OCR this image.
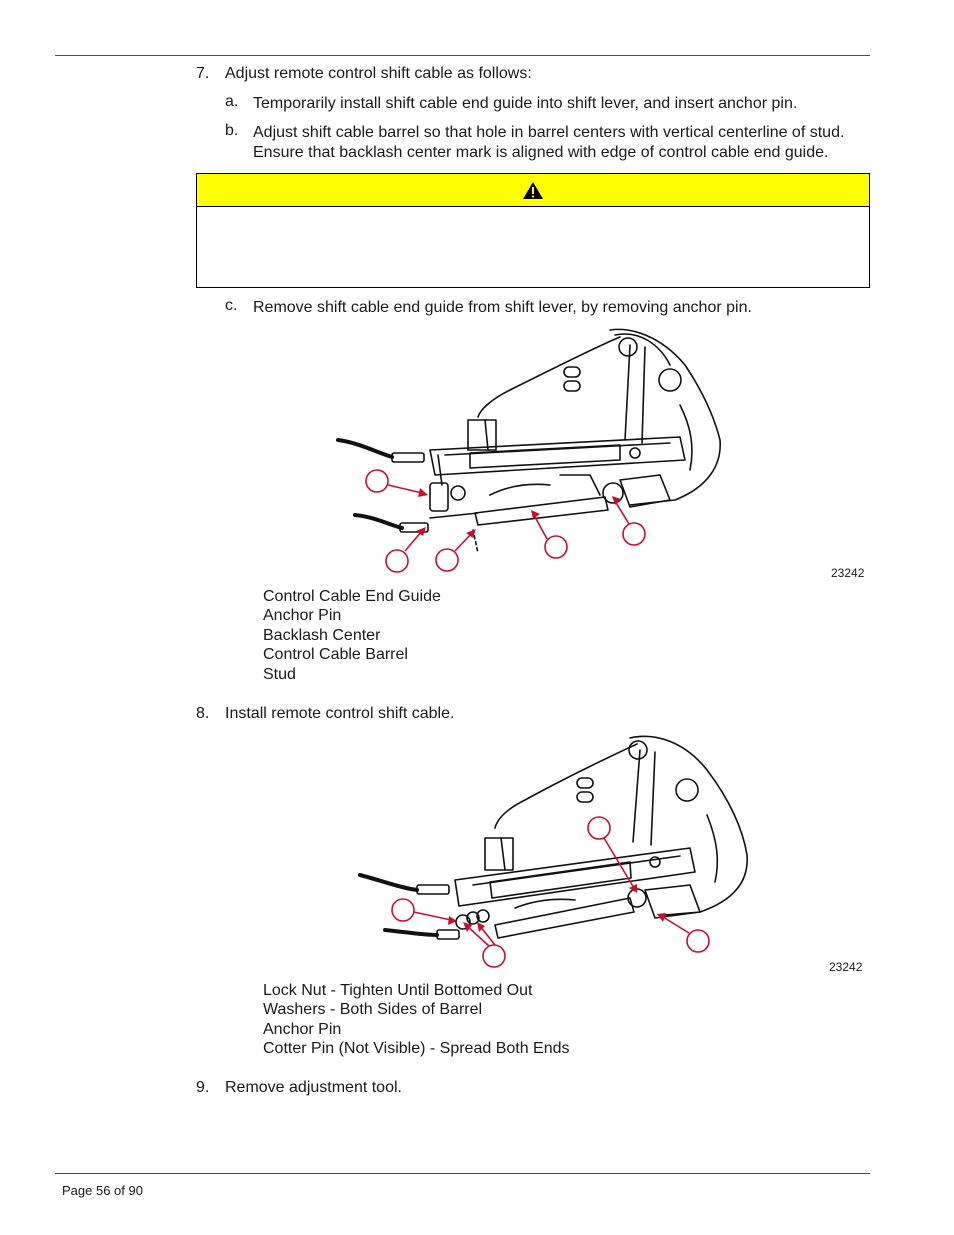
7. Adjust remote control shift cable as follows:
a. Temporarily install shift cable end guide into shift lever, and insert anchor pin.
b. Adjust shift cable barrel so that hole in barrel centers with vertical centerline of stud.
Ensure that backlash center mark is aligned with edge of control cable end guide.
c. Remove shift cable end guide from shift lever, by removing anchor pin.
23242
Control Cable End Guide
Anchor Pin
Backlash Center
Control Cable Barrel
Stud
8. Install remote control shift cable.
23242
Lock Nut - Tighten Until Bottomed Out
Washers - Both Sides of Barrel
Anchor Pin
Cotter Pin (Not Visible) - Spread Both Ends
9. Remove adjustment tool.
Page 56 of 90
